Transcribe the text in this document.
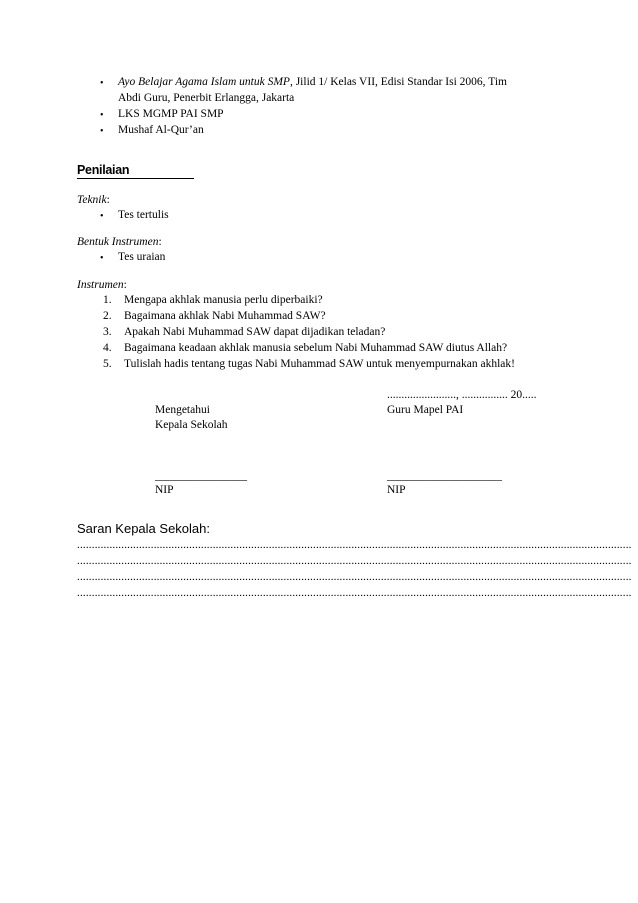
• Ayo Belajar Agama Islam untuk SMP, Jilid 1/ Kelas VII, Edisi Standar Isi 2006, Tim
Abdi Guru, Penerbit Erlangga, Jakarta
• LKS MGMP PAI SMP
• Mushaf Al-Qur’an
Penilaian
Teknik:
• Tes tertulis
Bentuk Instrumen:
• Tes uraian
Instrumen:
1. Mengapa akhlak manusia perlu diperbaiki?
2. Bagaimana akhlak Nabi Muhammad SAW?
3. Apakah Nabi Muhammad SAW dapat dijadikan teladan?
4. Bagaimana keadaan akhlak manusia sebelum Nabi Muhammad SAW diutus Allah?
5. Tulislah hadis tentang tugas Nabi Muhammad SAW untuk menyempurnakan akhlak!
........................, ................ 20.....
Mengetahui	Guru Mapel PAI
Kepala Sekolah
________________	____________________
NIP	NIP
Saran Kepala Sekolah:
............................................................................................................................................................................................
............................................................................................................................................................................................
............................................................................................................................................................................................
............................................................................................................................................................................................
